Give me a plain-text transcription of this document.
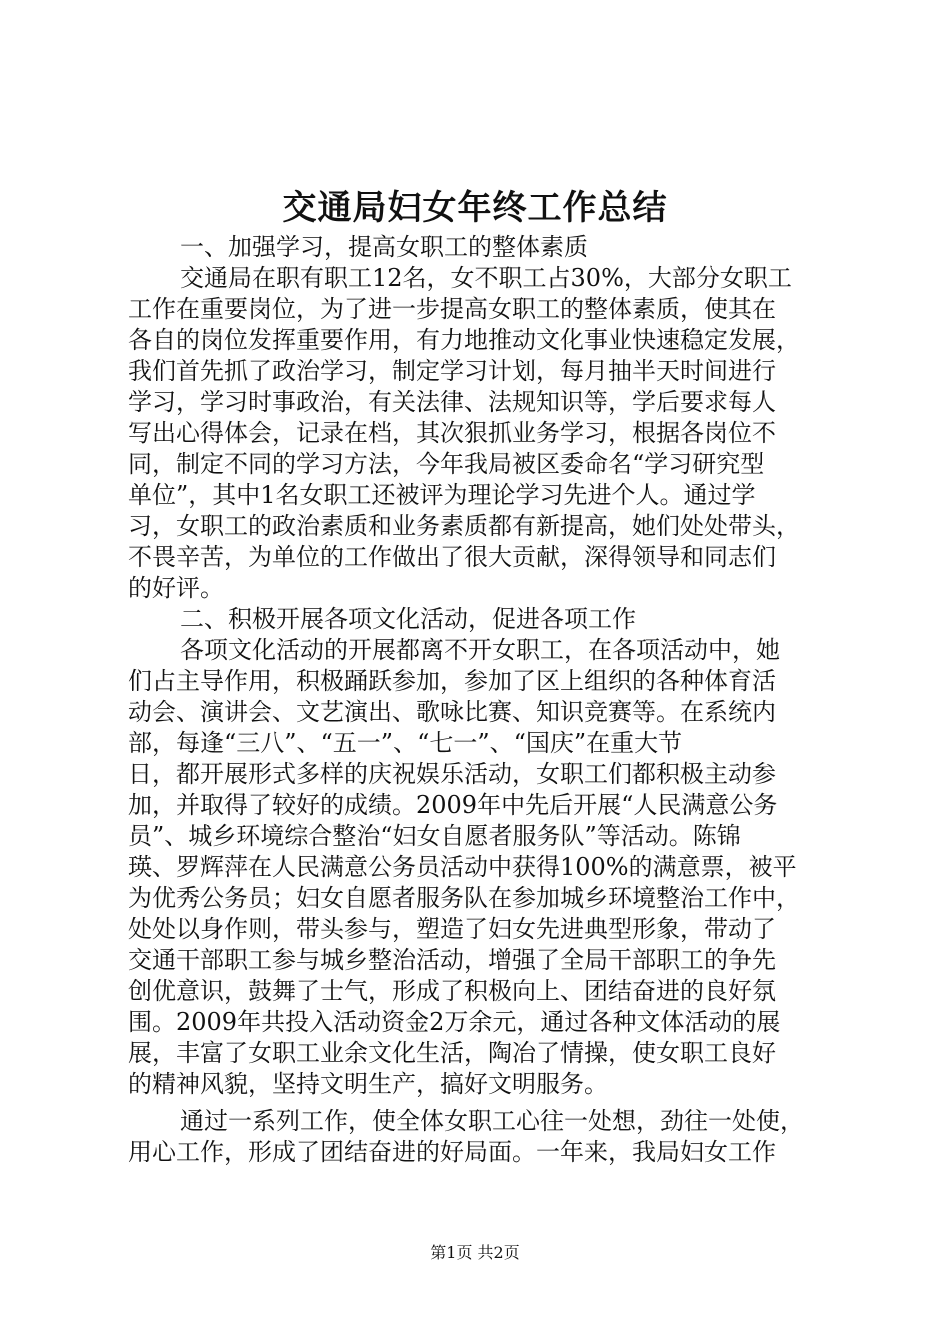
交通局妇女年终工作总结
一、加强学习，提高女职工的整体素质
交通局在职有职工12名，女不职工占30%，大部分女职工
工作在重要岗位，为了进一步提高女职工的整体素质，使其在
各自的岗位发挥重要作用，有力地推动文化事业快速稳定发展，
我们首先抓了政治学习，制定学习计划，每月抽半天时间进行
学习，学习时事政治，有关法律、法规知识等，学后要求每人
写出心得体会，记录在档，其次狠抓业务学习，根据各岗位不
同，制定不同的学习方法，今年我局被区委命名“学习研究型
单位”，其中1名女职工还被评为理论学习先进个人。通过学
习，女职工的政治素质和业务素质都有新提高，她们处处带头，
不畏辛苦，为单位的工作做出了很大贡献，深得领导和同志们
的好评。
二、积极开展各项文化活动，促进各项工作
各项文化活动的开展都离不开女职工，在各项活动中，她
们占主导作用，积极踊跃参加，参加了区上组织的各种体育活
动会、演讲会、文艺演出、歌咏比赛、知识竞赛等。在系统内
部，每逢“三八”、“五一”、“七一”、“国庆”在重大节
日，都开展形式多样的庆祝娱乐活动，女职工们都积极主动参
加，并取得了较好的成绩。2009年中先后开展“人民满意公务
员”、城乡环境综合整治“妇女自愿者服务队”等活动。陈锦
瑛、罗辉萍在人民满意公务员活动中获得100%的满意票，被平
为优秀公务员；妇女自愿者服务队在参加城乡环境整治工作中，
处处以身作则，带头参与，塑造了妇女先进典型形象，带动了
交通干部职工参与城乡整治活动，增强了全局干部职工的争先
创优意识，鼓舞了士气，形成了积极向上、团结奋进的良好氛
围。2009年共投入活动资金2万余元，通过各种文体活动的展
展，丰富了女职工业余文化生活，陶冶了情操，使女职工良好
的精神风貌，坚持文明生产，搞好文明服务。
通过一系列工作，使全体女职工心往一处想，劲往一处使，
用心工作，形成了团结奋进的好局面。一年来，我局妇女工作
第1页 共2页
